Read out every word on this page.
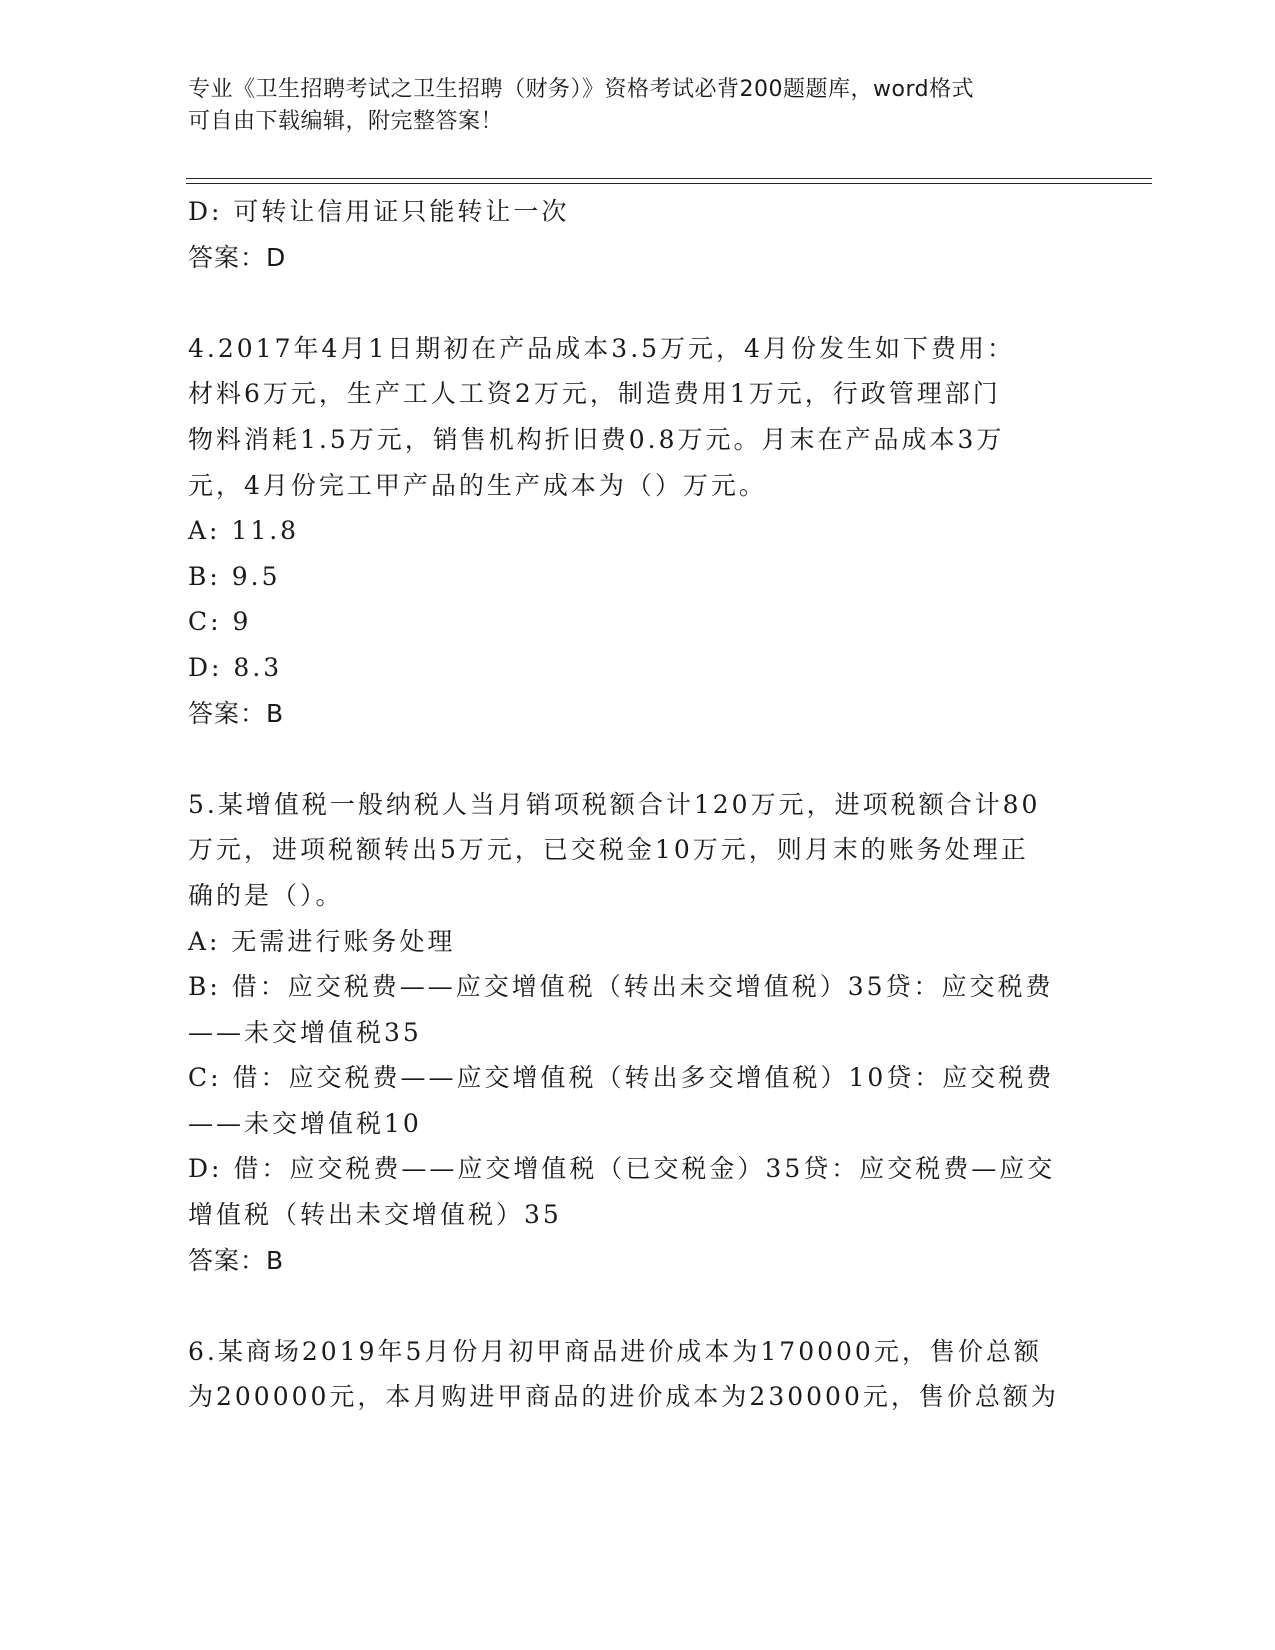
专业《卫生招聘考试之卫生招聘（财务）》资格考试必背200题题库，word格式
可自由下载编辑，附完整答案！
D: 可转让信用证只能转让一次
答案：D
4.2017年4月1日期初在产品成本3.5万元，4月份发生如下费用：
材料6万元，生产工人工资2万元，制造费用1万元，行政管理部门
物料消耗1.5万元，销售机构折旧费0.8万元。月末在产品成本3万
元，4月份完工甲产品的生产成本为（）万元。
A: 11.8
B: 9.5
C: 9
D: 8.3
答案：B
5.某增值税一般纳税人当月销项税额合计120万元，进项税额合计80
万元，进项税额转出5万元，已交税金10万元，则月末的账务处理正
确的是（）。
A: 无需进行账务处理
B: 借：应交税费——应交增值税（转出未交增值税）35贷：应交税费
——未交增值税35
C: 借：应交税费——应交增值税（转出多交增值税）10贷：应交税费
——未交增值税10
D: 借：应交税费——应交增值税（已交税金）35贷：应交税费—应交
增值税（转出未交增值税）35
答案：B
6.某商场2019年5月份月初甲商品进价成本为170000元，售价总额
为200000元，本月购进甲商品的进价成本为230000元，售价总额为
